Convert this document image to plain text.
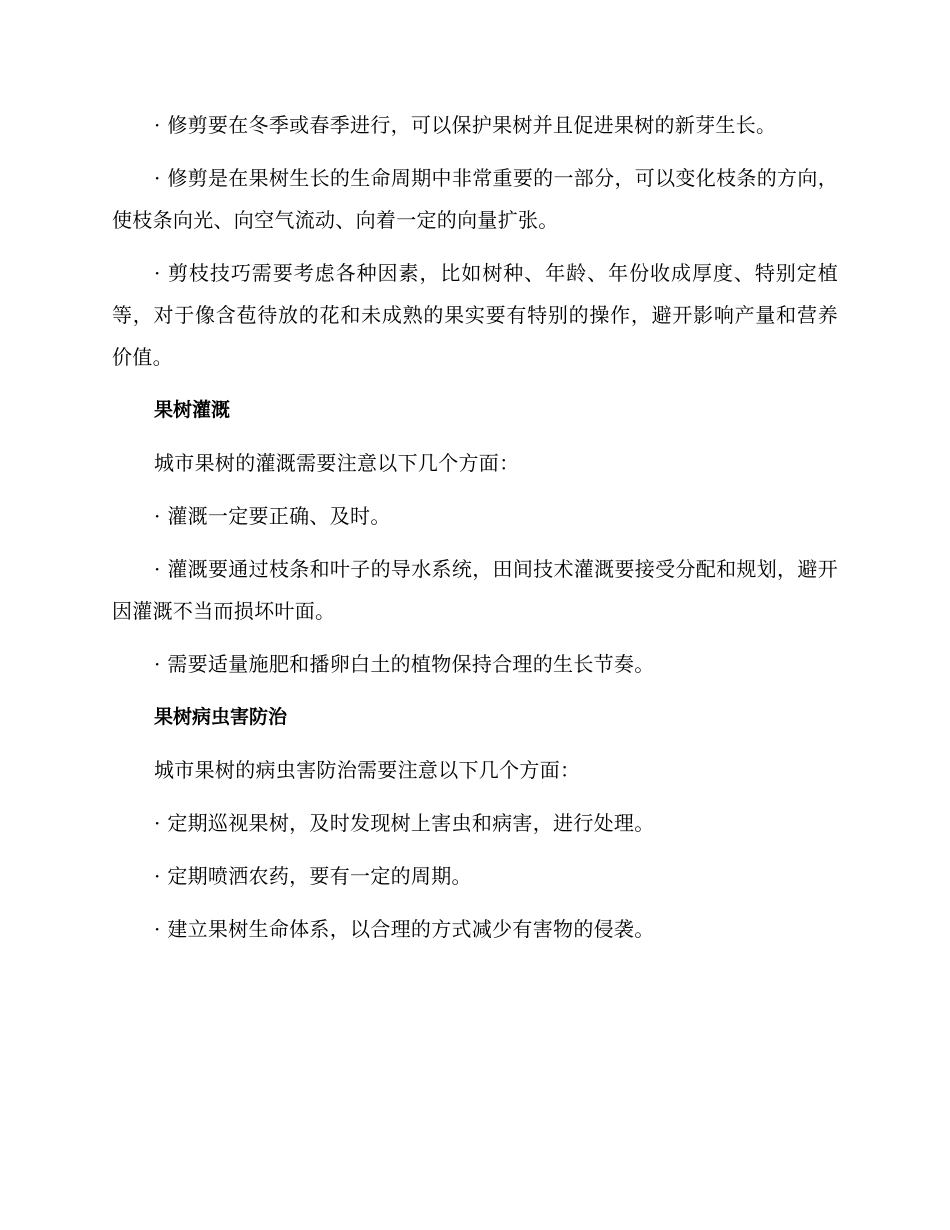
· 修剪要在冬季或春季进行，可以保护果树并且促进果树的新芽生长。

· 修剪是在果树生长的生命周期中非常重要的一部分，可以变化枝条的方向，使枝条向光、向空气流动、向着一定的向量扩张。

· 剪枝技巧需要考虑各种因素，比如树种、年龄、年份收成厚度、特别定植等，对于像含苞待放的花和未成熟的果实要有特别的操作，避开影响产量和营养价值。

果树灌溉

城市果树的灌溉需要注意以下几个方面：

· 灌溉一定要正确、及时。

· 灌溉要通过枝条和叶子的导水系统，田间技术灌溉要接受分配和规划，避开因灌溉不当而损坏叶面。

· 需要适量施肥和播卵白土的植物保持合理的生长节奏。

果树病虫害防治

城市果树的病虫害防治需要注意以下几个方面：

· 定期巡视果树，及时发现树上害虫和病害，进行处理。

· 定期喷洒农药，要有一定的周期。

· 建立果树生命体系，以合理的方式减少有害物的侵袭。
